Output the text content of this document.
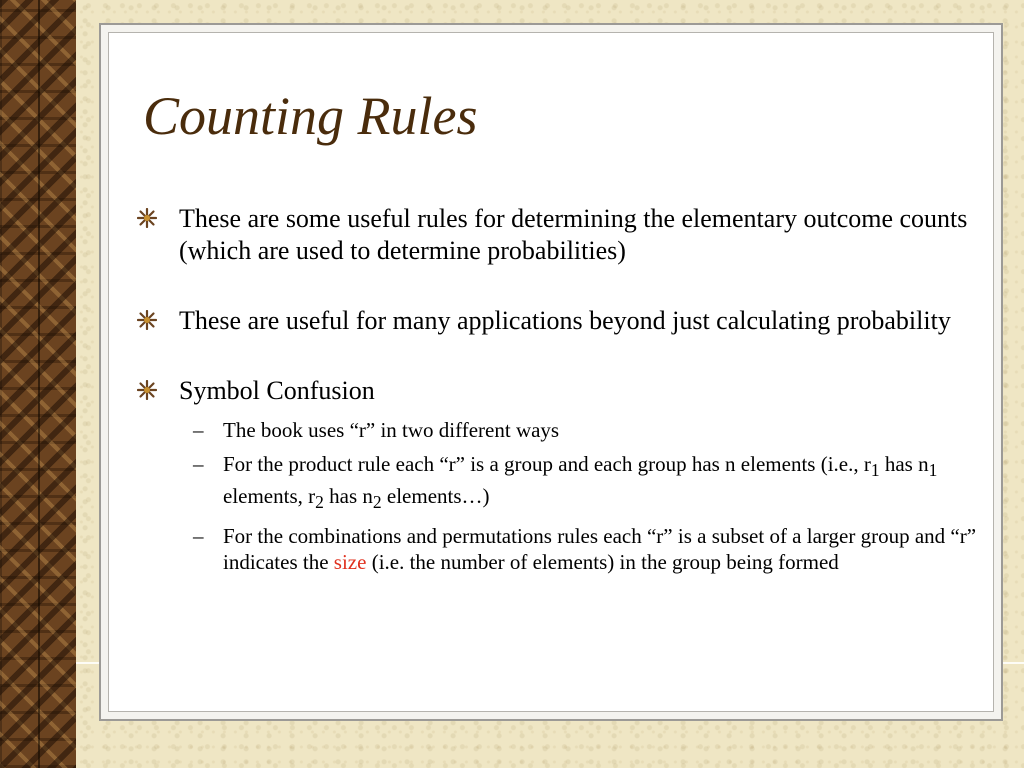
Counting Rules
These are some useful rules for determining the elementary outcome counts (which are used to determine probabilities)
These are useful for many applications beyond just calculating probability
Symbol Confusion
– The book uses “r” in two different ways
– For the product rule each “r” is a group and each group has n elements (i.e., $r_1$ has $n_1$ elements, $r_2$ has $n_2$ elements…)
– For the combinations and permutations rules each “r” is a subset of a larger group and “r” indicates the size (i.e. the number of elements) in the group being formed
